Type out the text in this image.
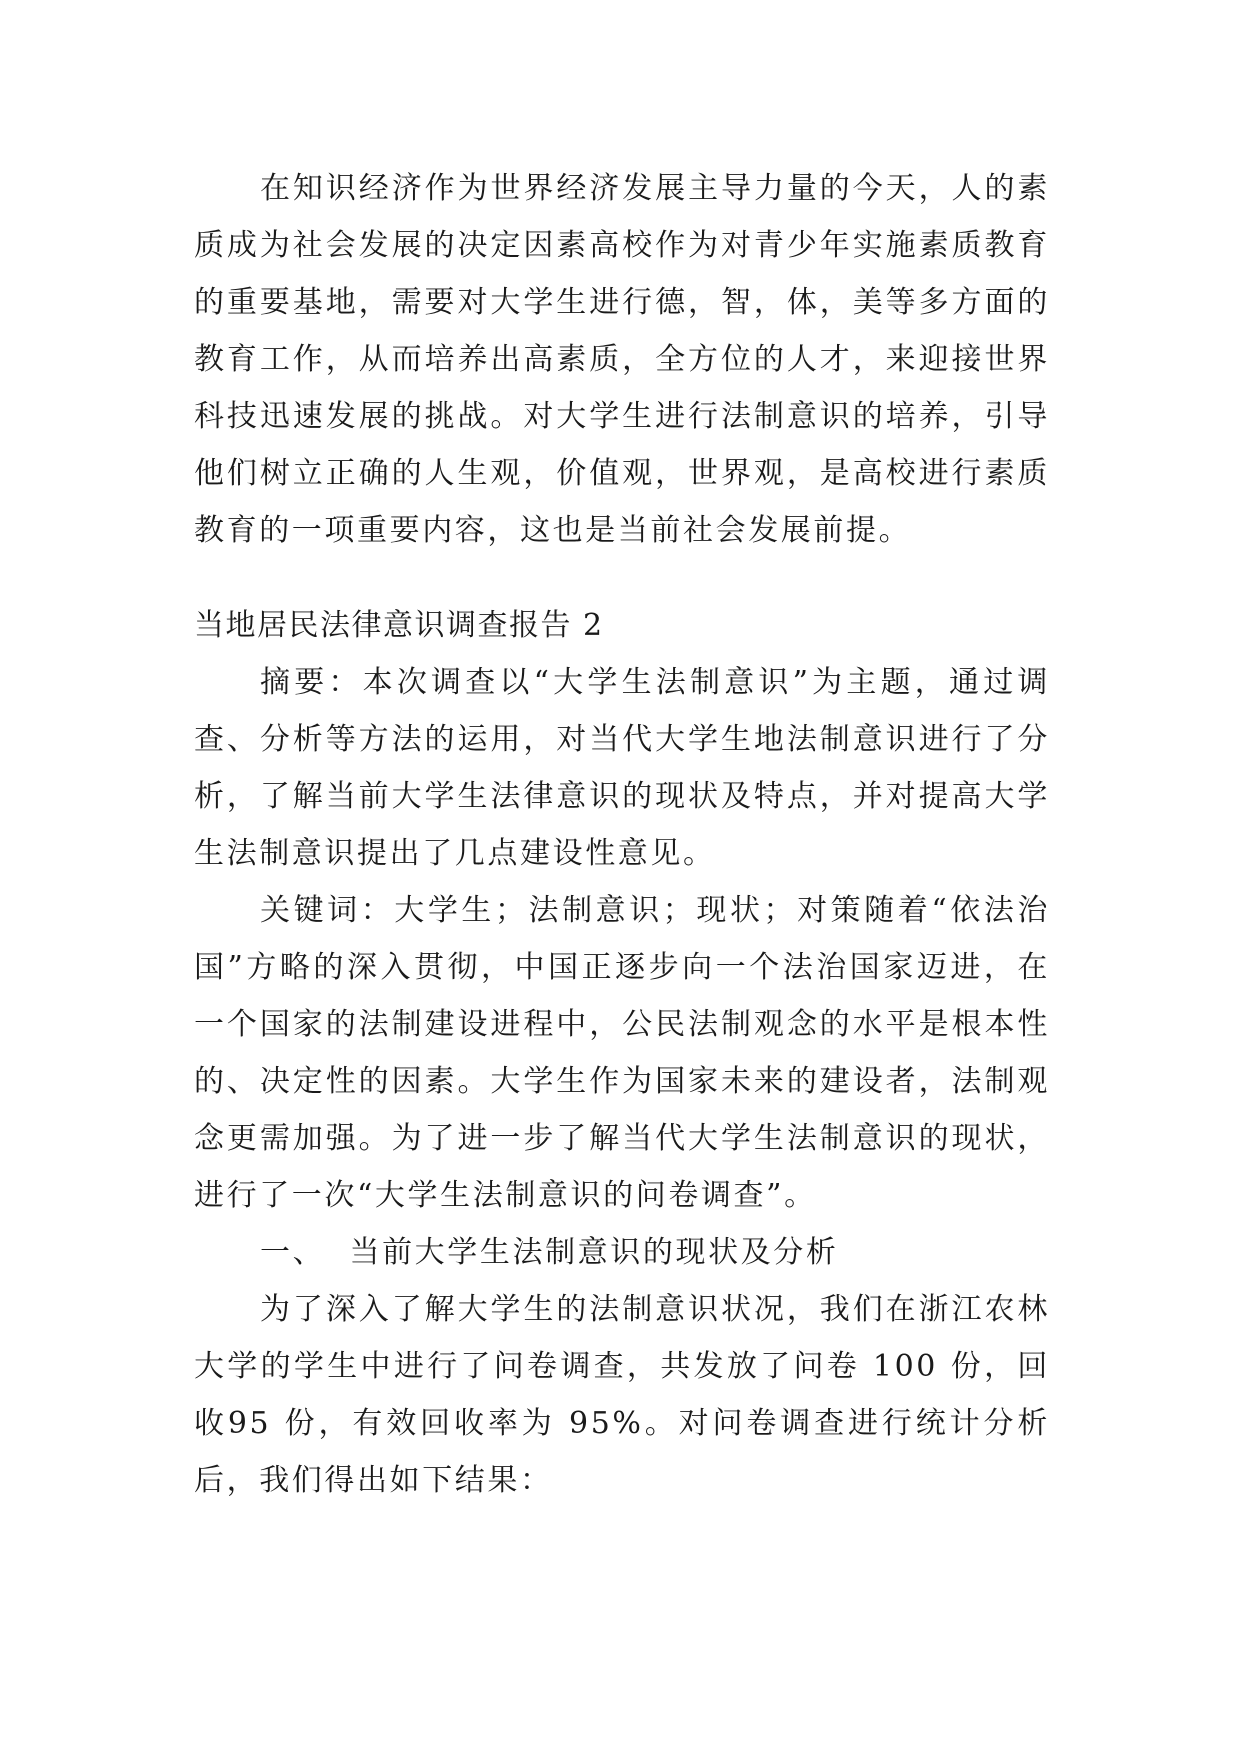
在知识经济作为世界经济发展主导力量的今天，人的素质成为社会发展的决定因素高校作为对青少年实施素质教育的重要基地，需要对大学生进行德，智，体，美等多方面的教育工作，从而培养出高素质，全方位的人才，来迎接世界科技迅速发展的挑战。对大学生进行法制意识的培养，引导他们树立正确的人生观，价值观，世界观，是高校进行素质教育的一项重要内容，这也是当前社会发展前提。

当地居民法律意识调查报告 2

摘要：本次调查以“大学生法制意识”为主题，通过调查、分析等方法的运用，对当代大学生地法制意识进行了分析，了解当前大学生法律意识的现状及特点，并对提高大学生法制意识提出了几点建设性意见。

关键词：大学生；法制意识；现状；对策随着“依法治国”方略的深入贯彻，中国正逐步向一个法治国家迈进，在一个国家的法制建设进程中，公民法制观念的水平是根本性的、决定性的因素。大学生作为国家未来的建设者，法制观念更需加强。为了进一步了解当代大学生法制意识的现状，进行了一次“大学生法制意识的问卷调查”。

一、  当前大学生法制意识的现状及分析

为了深入了解大学生的法制意识状况，我们在浙江农林大学的学生中进行了问卷调查，共发放了问卷 100 份，回收95 份，有效回收率为 95%。对问卷调查进行统计分析后，我们得出如下结果：
